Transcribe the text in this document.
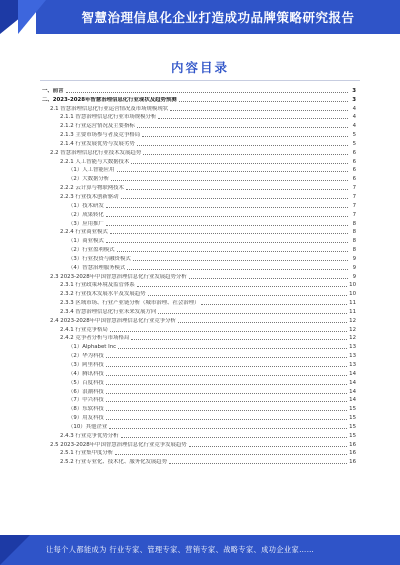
智慧治理信息化企业打造成功品牌策略研究报告
内容目录
一、前言	3
二、2023-2028年智慧治理信息化行业现状及趋势预测	3
2.1 智慧治理信息化行业运营情况及市场规模现状	4
2.1.1 智慧治理信息化行业市场规模分析	4
2.1.2 行业运营情况及主要指标	4
2.1.3 主要市场参与者及竞争格局	5
2.1.4 行业发展优势与发展劣势	5
2.2 智慧治理信息化行业技术发展趋势	6
2.2.1 人工智能与大数据技术	6
（1）人工智能应用	6
（2）大数据分析	6
2.2.2 云计算与物联网技术	7
2.2.3 行业技术创新驱动	7
（1）技术研发	7
（2）成果转化	7
（3）应用推广	8
2.2.4 行业商业模式	8
（1）商业模式	8
（2）行业盈利模式	8
（3）行业投资与融资模式	9
（4）智慧治理服务模式	9
2.3 2023-2028年中国智慧治理信息化行业发展趋势分析	9
2.3.1 行业政策环境及监管体系	10
2.3.2 行业技术发展水平及发展趋势	10
2.3.3 区域市场、行业产业链分析（城市治理、社会治理）	11
2.3.4 智慧治理信息化行业未来发展方向	11
2.4 2023-2028年中国智慧治理信息化行业竞争分析	12
2.4.1 行业竞争格局	12
2.4.2 竞争者分析与市场格局	12
（1）Alphabet Inc	13
（2）华为科技	13
（3）阿里科技	13
（4）腾讯科技	14
（5）百度科技	14
（6）浪潮科技	14
（7）中兴科技	14
（8）东软科技	15
（9）用友科技	15
（10）其他企业	15
2.4.3 行业竞争优势分析	15
2.5 2023-2028年中国智慧治理信息化行业竞争发展趋势	16
2.5.1 行业集中度分析	16
2.5.2 行业专业化、技术化、服务化发展趋势	16
让每个人都能成为 行业专家、管理专家、营销专家、战略专家、成功企业家……
